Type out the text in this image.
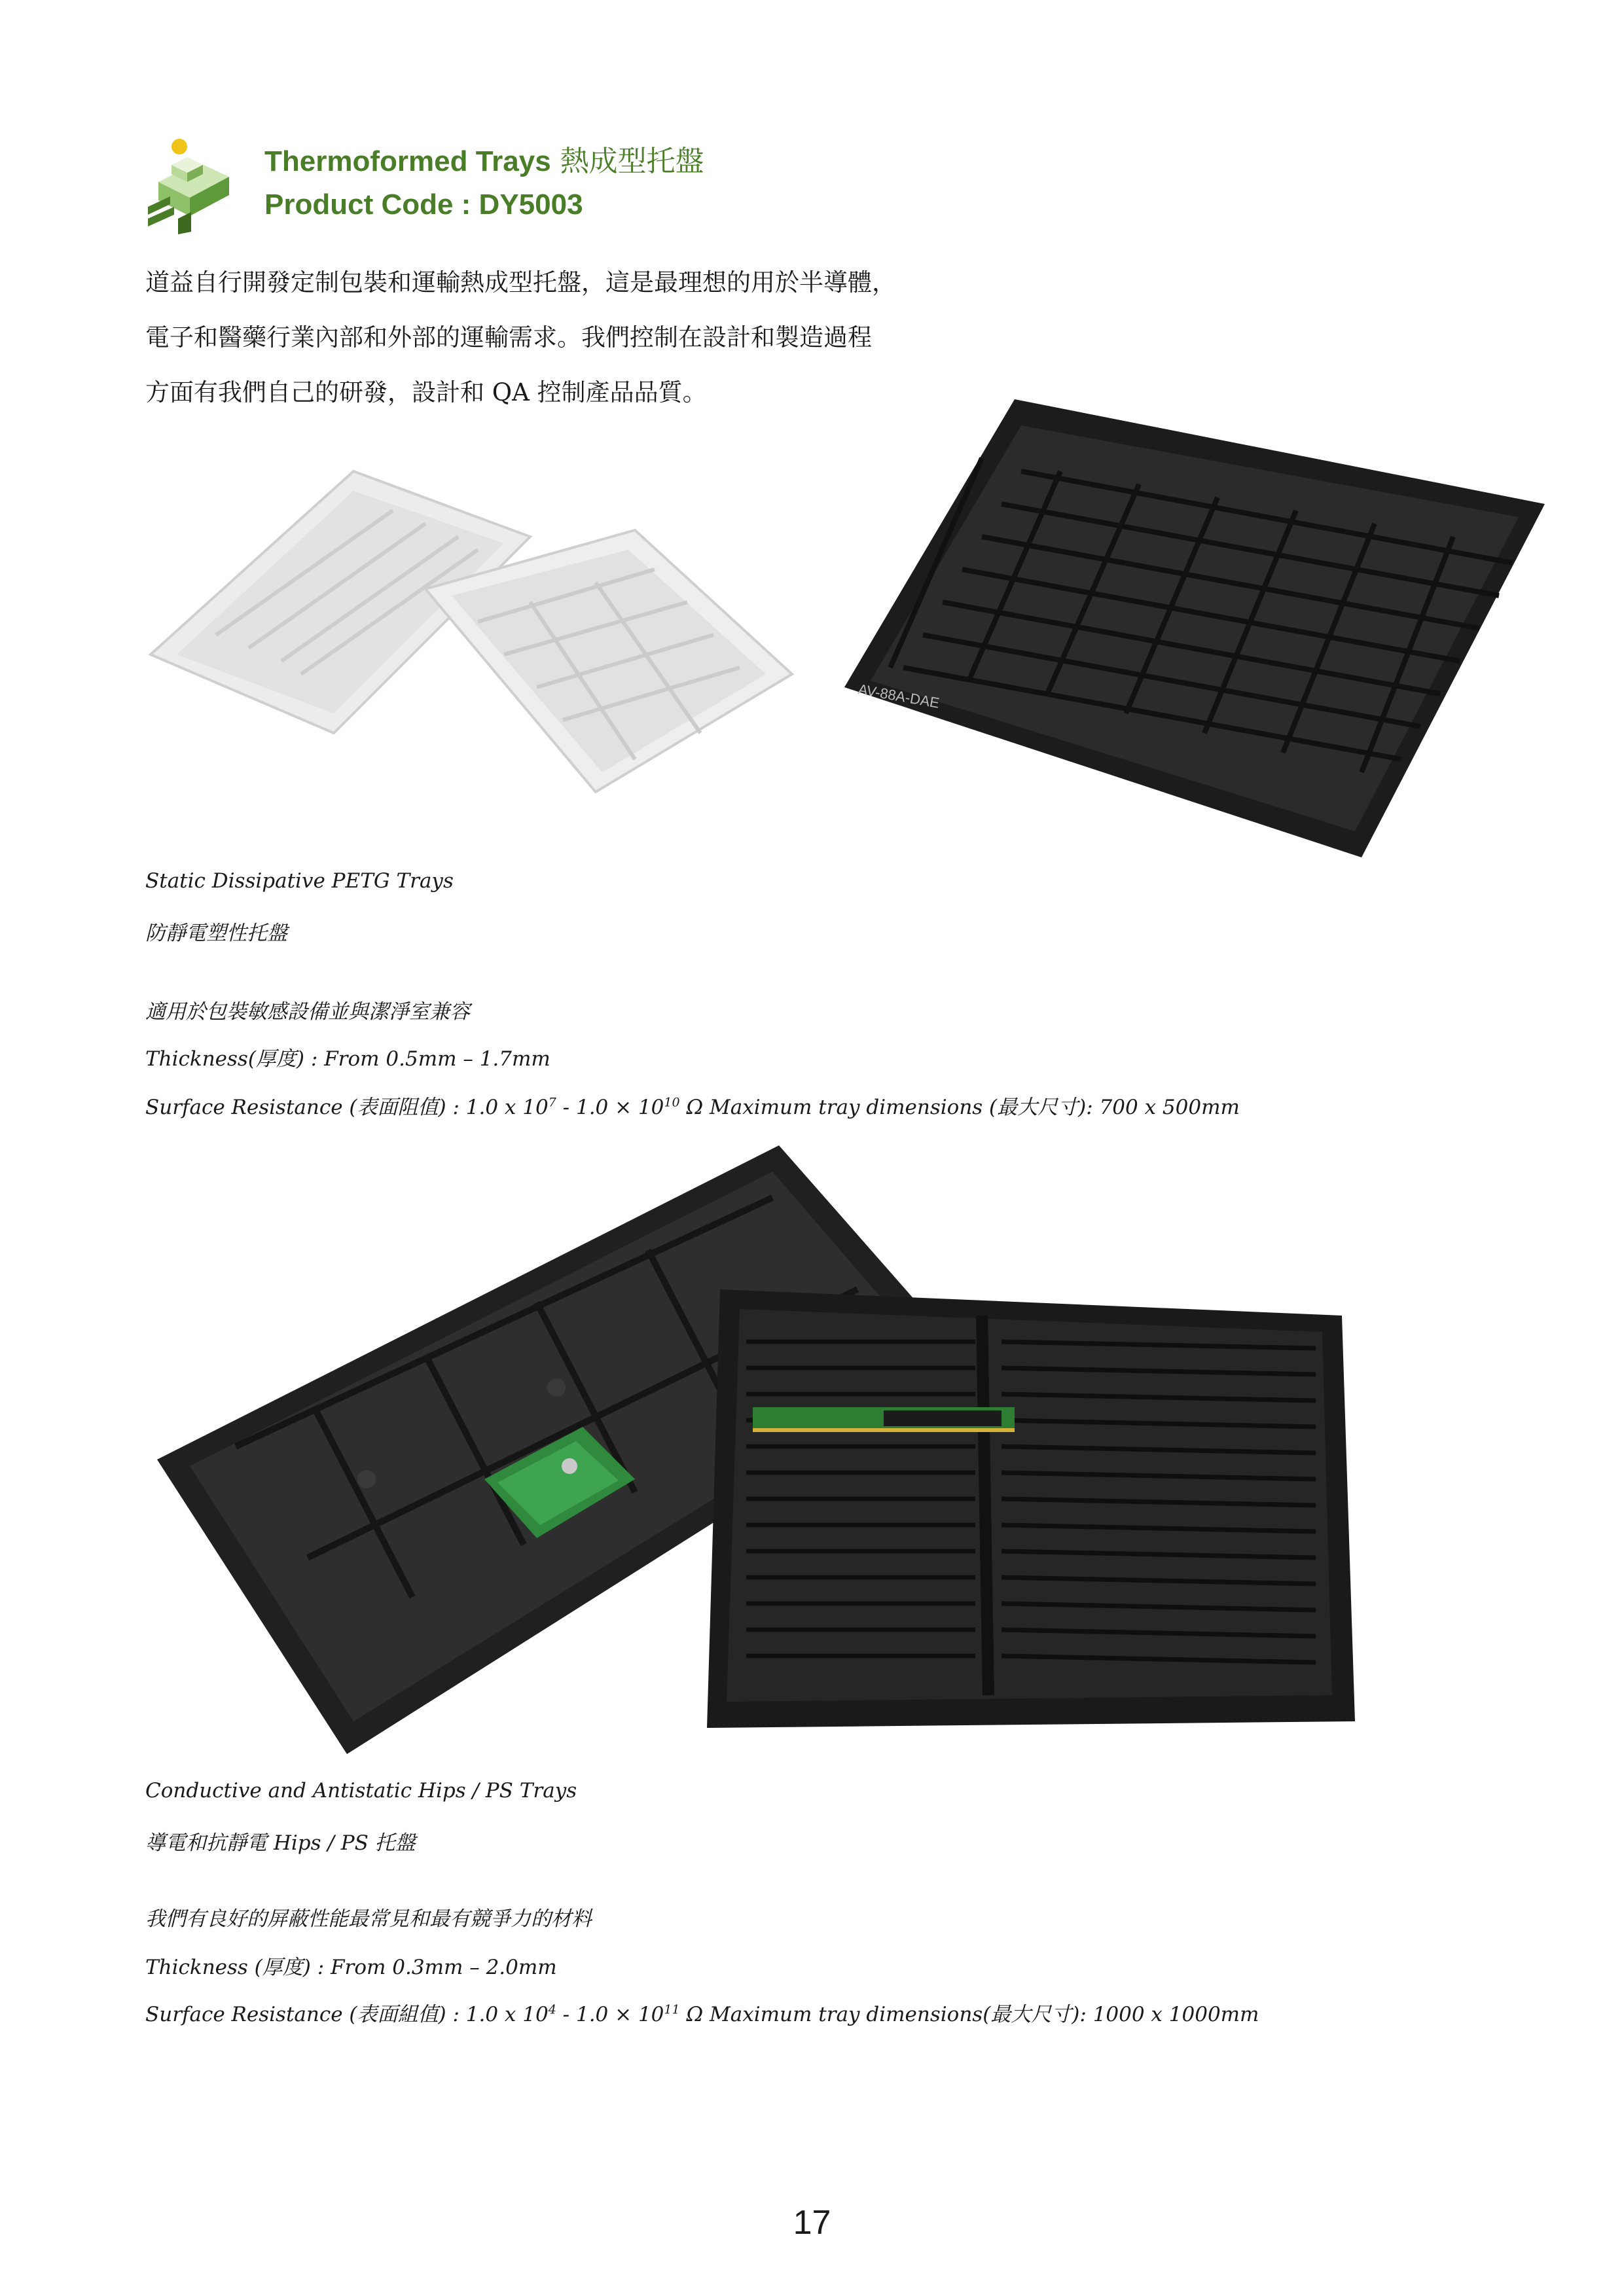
Thermoformed Trays 熱成型托盤
Product Code : DY5003

道益自行開發定制包裝和運輸熱成型托盤，這是最理想的用於半導體，

電子和醫藥行業內部和外部的運輸需求。我們控制在設計和製造過程

方面有我們自己的研發，設計和 QA 控制產品品質。

AV-88A-DAE

Static Dissipative PETG Trays

防靜電塑性托盤

適用於包裝敏感設備並與潔淨室兼容

Thickness(厚度) : From 0.5mm – 1.7mm

Surface Resistance (表面阻值) : 1.0 x $10^7 - 1.0 \times 10^{10}$ Ω Maximum tray dimensions (最大尺寸): 700 x 500mm

Conductive and Antistatic Hips / PS Trays

導電和抗靜電 Hips / PS 托盤

我們有良好的屏蔽性能最常見和最有競爭力的材料

Thickness (厚度) : From 0.3mm – 2.0mm

Surface Resistance (表面組值) : 1.0 x $10^4 - 1.0 \times 10^{11}$ Ω Maximum tray dimensions(最大尺寸): 1000 x 1000mm

17
